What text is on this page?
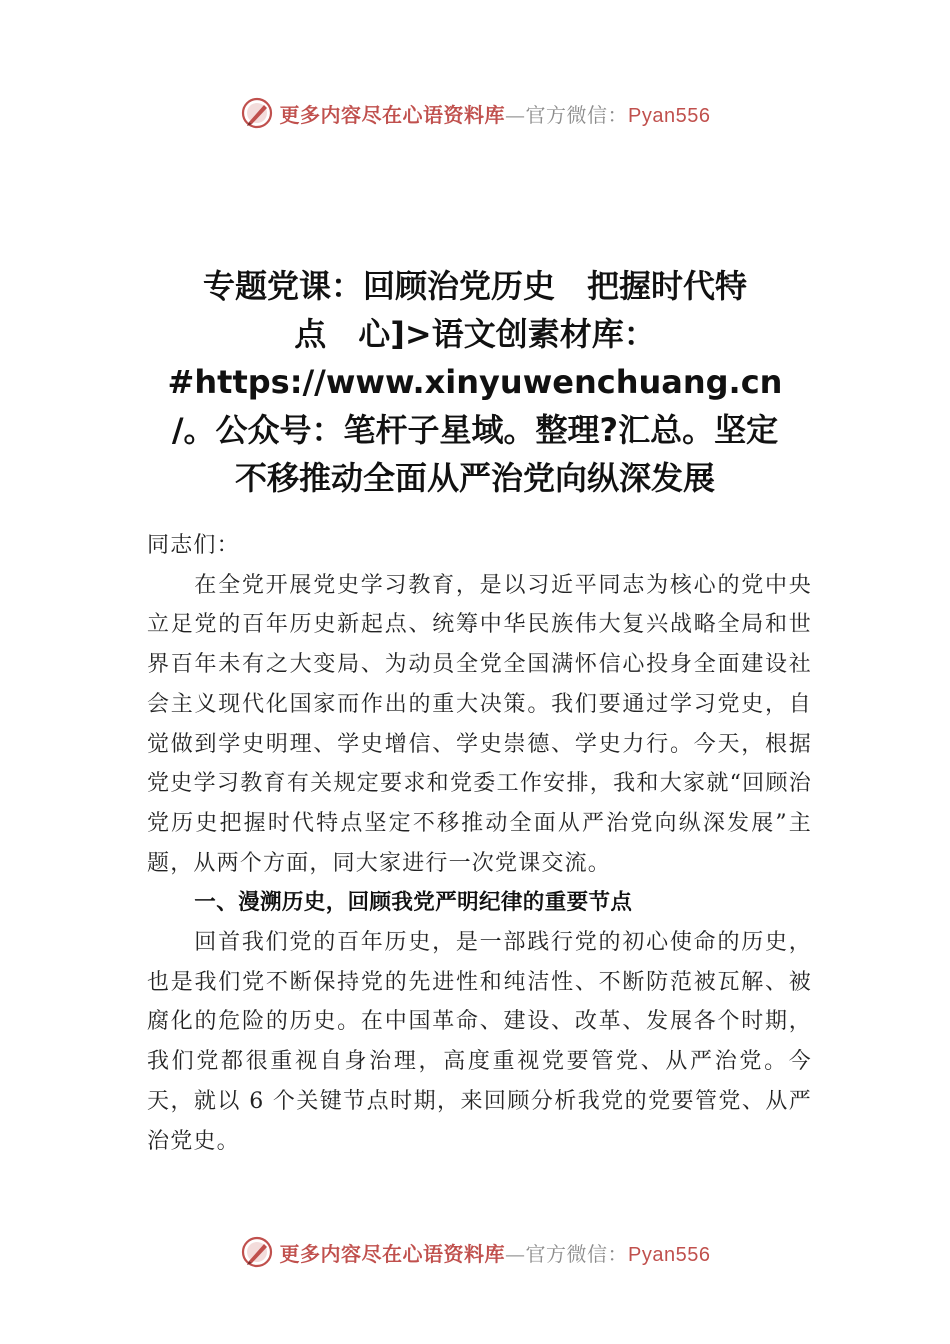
更多内容尽在心语资料库—官方微信：Pyan556
专题党课：回顾治党历史　把握时代特
点　心]>语文创素材库：
#https://www.xinyuwenchuang.cn
/。公众号：笔杆子星域。整理?汇总。坚定
不移推动全面从严治党向纵深发展

同志们：

在全党开展党史学习教育，是以习近平同志为核心的党中央立足党的百年历史新起点、统筹中华民族伟大复兴战略全局和世界百年未有之大变局、为动员全党全国满怀信心投身全面建设社会主义现代化国家而作出的重大决策。我们要通过学习党史，自觉做到学史明理、学史增信、学史崇德、学史力行。今天，根据党史学习教育有关规定要求和党委工作安排，我和大家就“回顾治党历史把握时代特点坚定不移推动全面从严治党向纵深发展”主题，从两个方面，同大家进行一次党课交流。

一、漫溯历史，回顾我党严明纪律的重要节点

回首我们党的百年历史，是一部践行党的初心使命的历史，也是我们党不断保持党的先进性和纯洁性、不断防范被瓦解、被腐化的危险的历史。在中国革命、建设、改革、发展各个时期，我们党都很重视自身治理，高度重视党要管党、从严治党。今天，就以 6 个关键节点时期，来回顾分析我党的党要管党、从严治党史。

更多内容尽在心语资料库—官方微信：Pyan556
